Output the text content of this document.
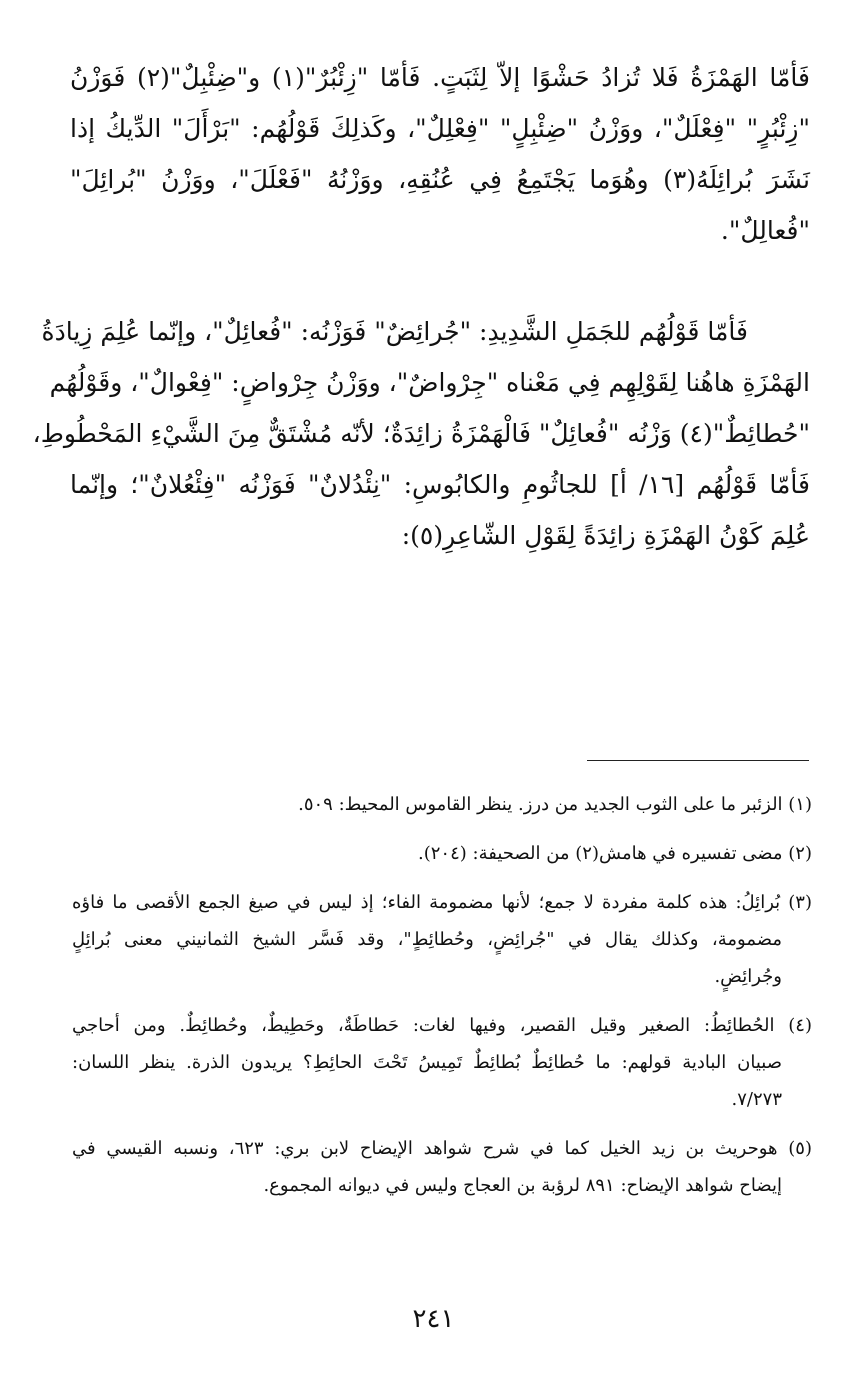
فَأمّا الهَمْزَةُ فَلا تُزادُ حَشْوًا إلاّ لِثَبَتٍ. فَأمّا "زِئْبُرٌ"(١) و"ضِئْبِلٌ"(٢) فَوَزْنُ
"زِئْبُرٍ" "فِعْلَلٌ"، ووَزْنُ "ضِئْبِلٍ" "فِعْلِلٌ"، وكَذلِكَ قَوْلُهُم: "بَرْأَلَ" الدِّيكُ إذا
نَشَرَ بُرائِلَهُ(٣) وهُوَما يَجْتَمِعُ فِي عُنُقِهِ، ووَزْنُهُ "فَعْلَلَ"، ووَزْنُ "بُرائِلَ"
"فُعالِلٌ".
فَأمّا قَوْلُهُم للجَمَلِ الشَّدِيدِ: "جُرائِضٌ" فَوَزْنُه: "فُعائِلٌ"، وإنّما عُلِمَ زِيادَةُ
الهَمْزَةِ هاهُنا لِقَوْلِهِم فِي مَعْناه "جِرْواضٌ"، ووَزْنُ جِرْواضٍ: "فِعْوالٌ"، وقَوْلُهُم
"حُطائِطٌ"(٤) وَزْنُه "فُعائِلٌ" فَالْهَمْزَةُ زائِدَةٌ؛ لأنّه مُشْتَقٌّ مِنَ الشَّيْءِ المَحْطُوطِ،
فَأمّا قَوْلُهُم [١٦/ أ] للجاثُومِ والكابُوسِ: "نِئْدُلانٌ" فَوَزْنُه "فِئْعُلانٌ"؛ وإنّما
عُلِمَ كَوْنُ الهَمْزَةِ زائِدَةً لِقَوْلِ الشّاعِرِ(٥):
(١) الزئبر ما على الثوب الجديد من درز. ينظر القاموس المحيط: ٥٠٩.
(٢) مضى تفسيره في هامش(٢) من الصحيفة: (٢٠٤).
(٣) بُرائِلُ: هذه كلمة مفردة لا جمع؛ لأنها مضمومة الفاء؛ إذ ليس في صيغ الجمع الأقصى ما فاؤه
مضمومة، وكذلك يقال في "جُرائِضٍ، وحُطائِطٍ"، وقد فَسَّر الشيخ الثمانيني معنى بُرائِلٍ
وجُرائِضٍ.
(٤) الحُطائِطُ: الصغير وقيل القصير، وفيها لغات: حَطاطَةٌ، وحَطِيطٌ، وحُطائِطٌ. ومن أحاجي
صبيان البادية قولهم: ما حُطائِطٌ بُطائِطٌ تَمِيسُ تَحْتَ الحائِطِ؟ يريدون الذرة. ينظر اللسان:
٧/٢٧٣.
(٥) هوحريث بن زيد الخيل كما في شرح شواهد الإيضاح لابن بري: ٦٢٣، ونسبه القيسي في
إيضاح شواهد الإيضاح: ٨٩١ لرؤبة بن العجاج وليس في ديوانه المجموع.
٢٤١
